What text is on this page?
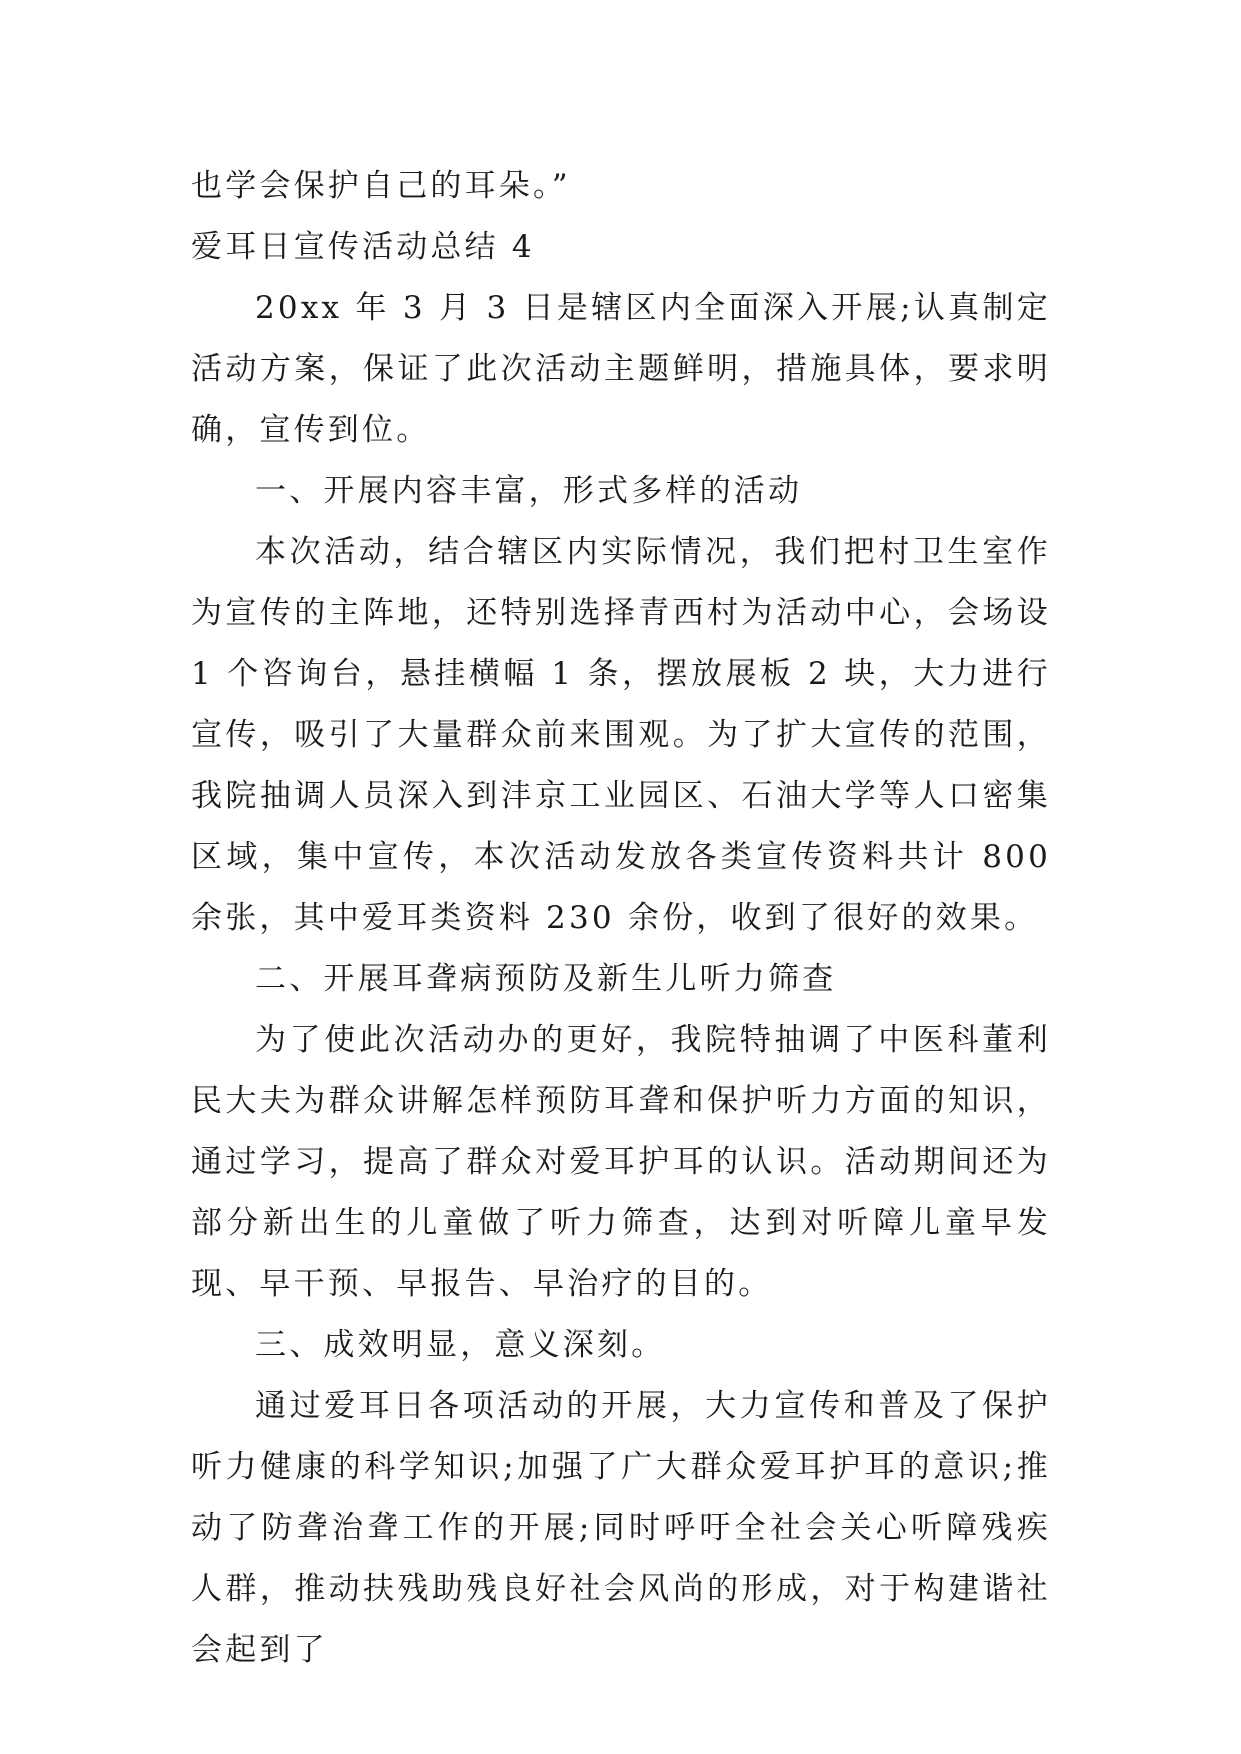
也学会保护自己的耳朵。”

爱耳日宣传活动总结 4

20xx 年 3 月 3 日是辖区内全面深入开展;认真制定活动方案，保证了此次活动主题鲜明，措施具体，要求明确，宣传到位。

一、开展内容丰富，形式多样的活动

本次活动，结合辖区内实际情况，我们把村卫生室作为宣传的主阵地，还特别选择青西村为活动中心，会场设 1 个咨询台，悬挂横幅 1 条，摆放展板 2 块，大力进行宣传，吸引了大量群众前来围观。为了扩大宣传的范围，我院抽调人员深入到沣京工业园区、石油大学等人口密集区域，集中宣传，本次活动发放各类宣传资料共计 800 余张，其中爱耳类资料 230 余份，收到了很好的效果。

二、开展耳聋病预防及新生儿听力筛查

为了使此次活动办的更好，我院特抽调了中医科董利民大夫为群众讲解怎样预防耳聋和保护听力方面的知识，通过学习，提高了群众对爱耳护耳的认识。活动期间还为部分新出生的儿童做了听力筛查，达到对听障儿童早发现、早干预、早报告、早治疗的目的。

三、成效明显，意义深刻。

通过爱耳日各项活动的开展，大力宣传和普及了保护听力健康的科学知识;加强了广大群众爱耳护耳的意识;推动了防聋治聋工作的开展;同时呼吁全社会关心听障残疾人群，推动扶残助残良好社会风尚的形成，对于构建谐社会起到了
